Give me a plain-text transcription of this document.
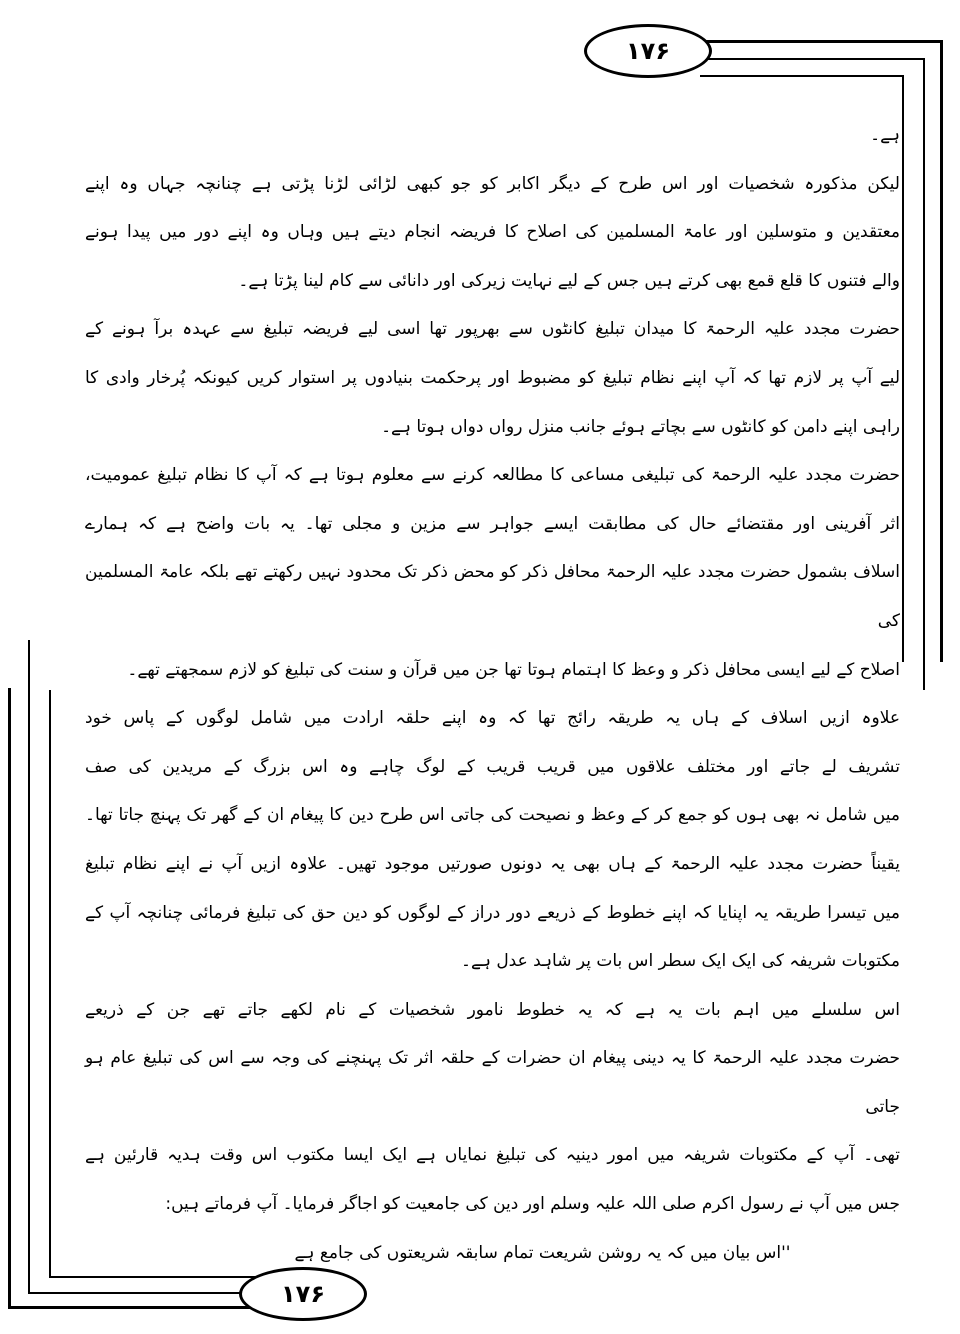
۱۷۶
۱۷۶
ہے۔
لیکن مذکورہ شخصیات اور اس طرح کے دیگر اکابر کو جو کبھی لڑائی لڑنا پڑتی ہے چنانچہ جہاں وہ اپنے
معتقدین و متوسلین اور عامۃ المسلمین کی اصلاح کا فریضہ انجام دیتے ہیں وہاں وہ اپنے دور میں پیدا ہونے
والے فتنوں کا قلع قمع بھی کرتے ہیں جس کے لیے نہایت زیرکی اور دانائی سے کام لینا پڑتا ہے۔
حضرت مجدد علیہ الرحمۃ کا میدان تبلیغ کانٹوں سے بھرپور تھا اسی لیے فریضہ تبلیغ سے عہدہ برآ ہونے کے
لیے آپ پر لازم تھا کہ آپ اپنے نظام تبلیغ کو مضبوط اور پرحکمت بنیادوں پر استوار کریں کیونکہ پُرخار وادی کا
راہی اپنے دامن کو کانٹوں سے بچاتے ہوئے جانب منزل رواں دواں ہوتا ہے۔
حضرت مجدد علیہ الرحمۃ کی تبلیغی مساعی کا مطالعہ کرنے سے معلوم ہوتا ہے کہ آپ کا نظام تبلیغ عمومیت،
اثر آفرینی اور مقتضائے حال کی مطابقت ایسے جواہر سے مزین و مجلی تھا۔ یہ بات واضح ہے کہ ہمارے
اسلاف بشمول حضرت مجدد علیہ الرحمۃ محافل ذکر کو محض ذکر تک محدود نہیں رکھتے تھے بلکہ عامۃ المسلمین کی
اصلاح کے لیے ایسی محافل ذکر و وعظ کا اہتمام ہوتا تھا جن میں قرآن و سنت کی تبلیغ کو لازم سمجھتے تھے۔
علاوہ ازیں اسلاف کے ہاں یہ طریقہ رائج تھا کہ وہ اپنے حلقہ ارادت میں شامل لوگوں کے پاس خود
تشریف لے جاتے اور مختلف علاقوں میں قریب قریب کے لوگ چاہے وہ اس بزرگ کے مریدین کی صف
میں شامل نہ بھی ہوں کو جمع کر کے وعظ و نصیحت کی جاتی اس طرح دین کا پیغام ان کے گھر تک پہنچ جاتا تھا۔
یقیناً حضرت مجدد علیہ الرحمۃ کے ہاں بھی یہ دونوں صورتیں موجود تھیں۔ علاوہ ازیں آپ نے اپنے نظام تبلیغ
میں تیسرا طریقہ یہ اپنایا کہ اپنے خطوط کے ذریعے دور دراز کے لوگوں کو دین حق کی تبلیغ فرمائی چنانچہ آپ کے
مکتوبات شریفہ کی ایک ایک سطر اس بات پر شاہد عدل ہے۔
اس سلسلے میں اہم بات یہ ہے کہ یہ خطوط نامور شخصیات کے نام لکھے جاتے تھے جن کے ذریعے
حضرت مجدد علیہ الرحمۃ کا یہ دینی پیغام ان حضرات کے حلقہ اثر تک پہنچنے کی وجہ سے اس کی تبلیغ عام ہو جاتی
تھی۔ آپ کے مکتوبات شریفہ میں امور دینیہ کی تبلیغ نمایاں ہے ایک ایسا مکتوب اس وقت ہدیہ قارئین ہے
جس میں آپ نے رسول اکرم صلی اللہ علیہ وسلم اور دین کی جامعیت کو اجاگر فرمایا۔ آپ فرماتے ہیں:
''اس بیان میں کہ یہ روشن شریعت تمام سابقہ شریعتوں کی جامع ہے
